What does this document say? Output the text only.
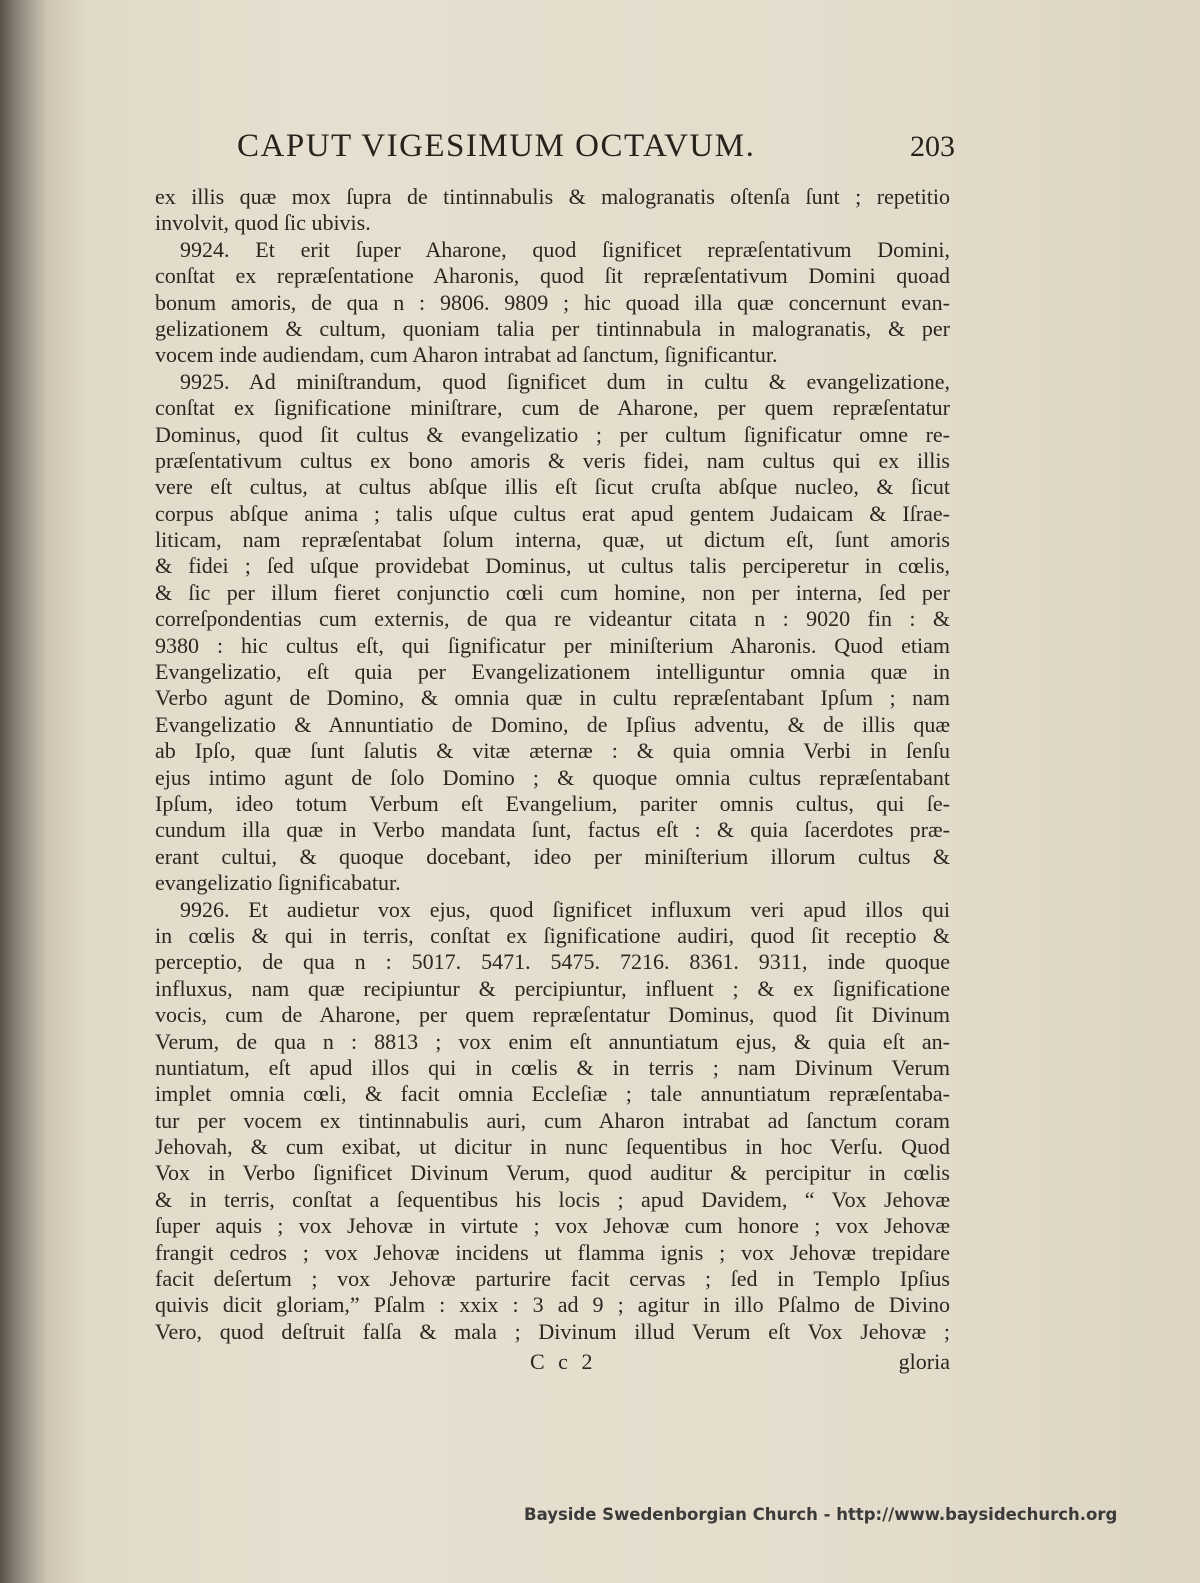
CAPUT VIGESIMUM OCTAVUM.	203
ex illis quæ mox ſupra de tintinnabulis & malogranatis oſtenſa ſunt ; repetitio
involvit, quod ſic ubivis.
9924. Et erit ſuper Aharone, quod ſignificet repræſentativum Domini,
conſtat ex repræſentatione Aharonis, quod ſit repræſentativum Domini quoad
bonum amoris, de qua n : 9806. 9809 ; hic quoad illa quæ concernunt evan-
gelizationem & cultum, quoniam talia per tintinnabula in malogranatis, & per
vocem inde audiendam, cum Aharon intrabat ad ſanctum, ſignificantur.
9925. Ad miniſtrandum, quod ſignificet dum in cultu & evangelizatione,
conſtat ex ſignificatione miniſtrare, cum de Aharone, per quem repræſentatur
Dominus, quod ſit cultus & evangelizatio ; per cultum ſignificatur omne re-
præſentativum cultus ex bono amoris & veris fidei, nam cultus qui ex illis
vere eſt cultus, at cultus abſque illis eſt ſicut cruſta abſque nucleo, & ſicut
corpus abſque anima ; talis uſque cultus erat apud gentem Judaicam & Iſrae-
liticam, nam repræſentabat ſolum interna, quæ, ut dictum eſt, ſunt amoris
& fidei ; ſed uſque providebat Dominus, ut cultus talis perciperetur in cœlis,
& ſic per illum fieret conjunctio cœli cum homine, non per interna, ſed per
correſpondentias cum externis, de qua re videantur citata n : 9020 fin : &
9380 : hic cultus eſt, qui ſignificatur per miniſterium Aharonis. Quod etiam
Evangelizatio, eſt quia per Evangelizationem intelliguntur omnia quæ in
Verbo agunt de Domino, & omnia quæ in cultu repræſentabant Ipſum ; nam
Evangelizatio & Annuntiatio de Domino, de Ipſius adventu, & de illis quæ
ab Ipſo, quæ ſunt ſalutis & vitæ æternæ : & quia omnia Verbi in ſenſu
ejus intimo agunt de ſolo Domino ; & quoque omnia cultus repræſentabant
Ipſum, ideo totum Verbum eſt Evangelium, pariter omnis cultus, qui ſe-
cundum illa quæ in Verbo mandata ſunt, factus eſt : & quia ſacerdotes præ-
erant cultui, & quoque docebant, ideo per miniſterium illorum cultus &
evangelizatio ſignificabatur.
9926. Et audietur vox ejus, quod ſignificet influxum veri apud illos qui
in cœlis & qui in terris, conſtat ex ſignificatione audiri, quod ſit receptio &
perceptio, de qua n : 5017. 5471. 5475. 7216. 8361. 9311, inde quoque
influxus, nam quæ recipiuntur & percipiuntur, influent ; & ex ſignificatione
vocis, cum de Aharone, per quem repræſentatur Dominus, quod ſit Divinum
Verum, de qua n : 8813 ; vox enim eſt annuntiatum ejus, & quia eſt an-
nuntiatum, eſt apud illos qui in cœlis & in terris ; nam Divinum Verum
implet omnia cœli, & facit omnia Eccleſiæ ; tale annuntiatum repræſentaba-
tur per vocem ex tintinnabulis auri, cum Aharon intrabat ad ſanctum coram
Jehovah, & cum exibat, ut dicitur in nunc ſequentibus in hoc Verſu. Quod
Vox in Verbo ſignificet Divinum Verum, quod auditur & percipitur in cœlis
& in terris, conſtat a ſequentibus his locis ; apud Davidem, “ Vox Jehovæ
ſuper aquis ; vox Jehovæ in virtute ; vox Jehovæ cum honore ; vox Jehovæ
frangit cedros ; vox Jehovæ incidens ut flamma ignis ; vox Jehovæ trepidare
facit deſertum ; vox Jehovæ parturire facit cervas ; ſed in Templo Ipſius
quivis dicit gloriam,” Pſalm : xxix : 3 ad 9 ; agitur in illo Pſalmo de Divino
Vero, quod deſtruit falſa & mala ; Divinum illud Verum eſt Vox Jehovæ ;
C c 2	gloria
Bayside Swedenborgian Church - http://www.baysidechurch.org
